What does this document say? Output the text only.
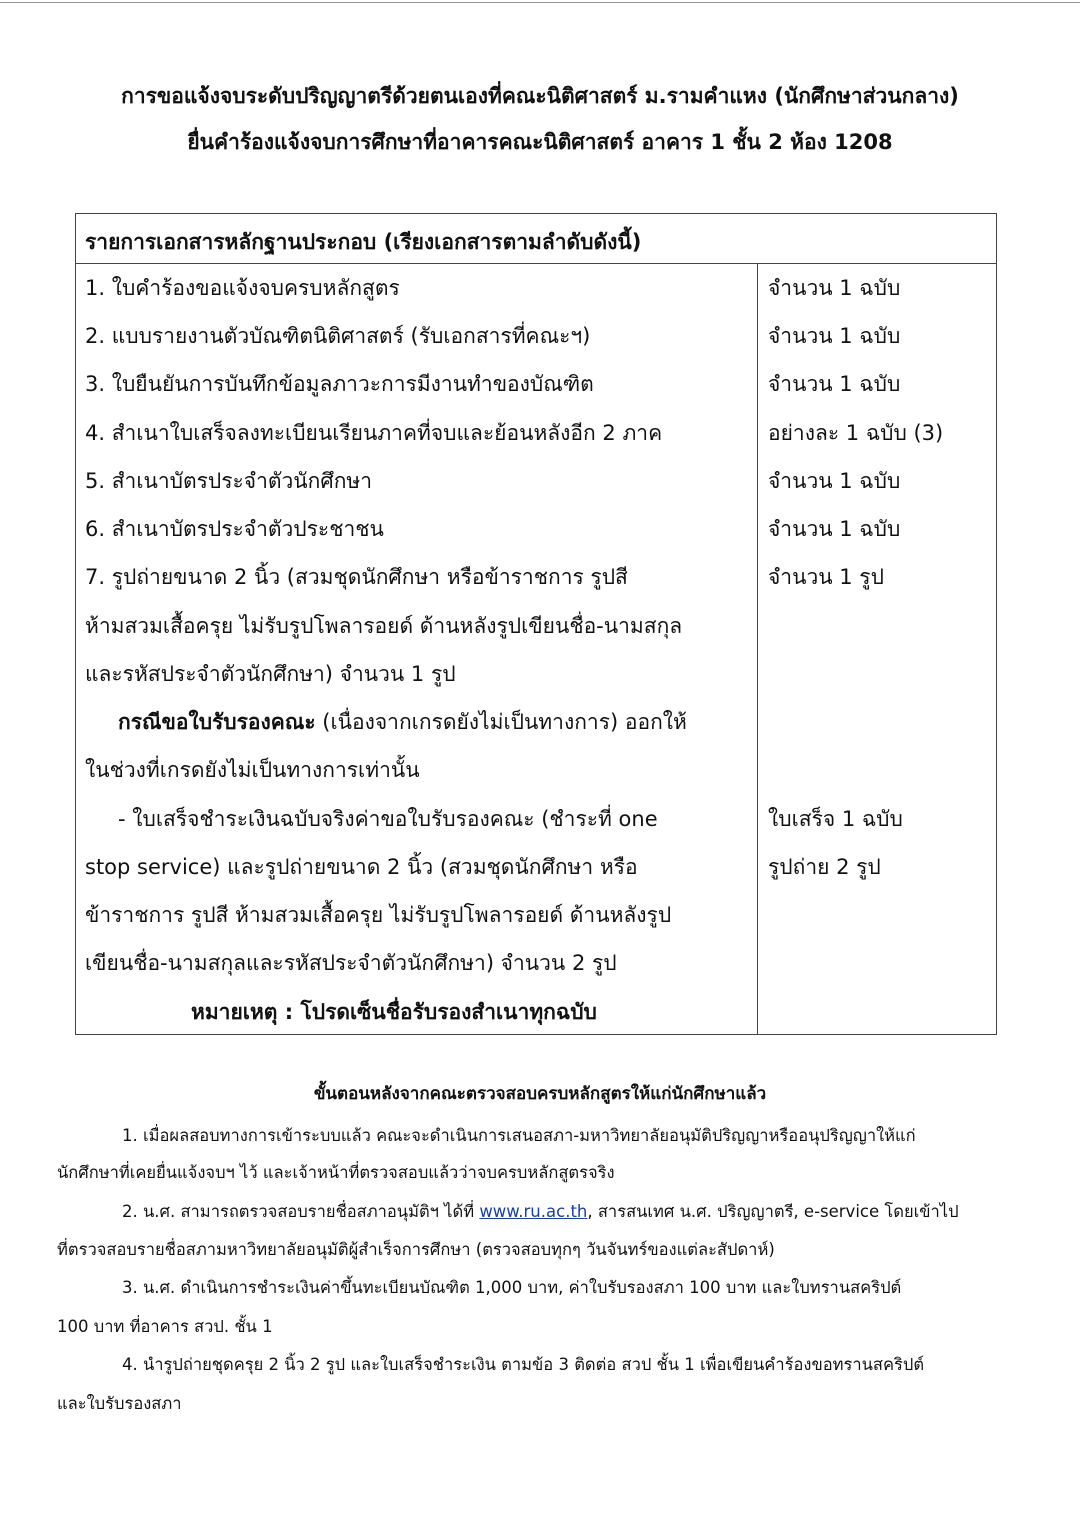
การขอแจ้งจบระดับปริญญาตรีด้วยตนเองที่คณะนิติศาสตร์ ม.รามคำแหง (นักศึกษาส่วนกลาง)
ยื่นคำร้องแจ้งจบการศึกษาที่อาคารคณะนิติศาสตร์ อาคาร 1 ชั้น 2 ห้อง 1208
รายการเอกสารหลักฐานประกอบ (เรียงเอกสารตามลำดับดังนี้)
1. ใบคำร้องขอแจ้งจบครบหลักสูตร	จำนวน 1 ฉบับ
2. แบบรายงานตัวบัณฑิตนิติศาสตร์ (รับเอกสารที่คณะฯ)	จำนวน 1 ฉบับ
3. ใบยืนยันการบันทึกข้อมูลภาวะการมีงานทำของบัณฑิต	จำนวน 1 ฉบับ
4. สำเนาใบเสร็จลงทะเบียนเรียนภาคที่จบและย้อนหลังอีก 2 ภาค	อย่างละ 1 ฉบับ (3)
5. สำเนาบัตรประจำตัวนักศึกษา	จำนวน 1 ฉบับ
6. สำเนาบัตรประจำตัวประชาชน	จำนวน 1 ฉบับ
7. รูปถ่ายขนาด 2 นิ้ว (สวมชุดนักศึกษา หรือข้าราชการ รูปสี	จำนวน 1 รูป
ห้ามสวมเสื้อครุย ไม่รับรูปโพลารอยด์ ด้านหลังรูปเขียนชื่อ-นามสกุล
และรหัสประจำตัวนักศึกษา) จำนวน 1 รูป
กรณีขอใบรับรองคณะ (เนื่องจากเกรดยังไม่เป็นทางการ) ออกให้
ในช่วงที่เกรดยังไม่เป็นทางการเท่านั้น
- ใบเสร็จชำระเงินฉบับจริงค่าขอใบรับรองคณะ (ชำระที่ one	ใบเสร็จ 1 ฉบับ
stop service) และรูปถ่ายขนาด 2 นิ้ว (สวมชุดนักศึกษา หรือ	รูปถ่าย 2 รูป
ข้าราชการ รูปสี ห้ามสวมเสื้อครุย ไม่รับรูปโพลารอยด์ ด้านหลังรูป
เขียนชื่อ-นามสกุลและรหัสประจำตัวนักศึกษา) จำนวน 2 รูป
หมายเหตุ : โปรดเซ็นชื่อรับรองสำเนาทุกฉบับ
ขั้นตอนหลังจากคณะตรวจสอบครบหลักสูตรให้แก่นักศึกษาแล้ว
1. เมื่อผลสอบทางการเข้าระบบแล้ว คณะจะดำเนินการเสนอสภา-มหาวิทยาลัยอนุมัติปริญญาหรืออนุปริญญาให้แก่
นักศึกษาที่เคยยื่นแจ้งจบฯ ไว้ และเจ้าหน้าที่ตรวจสอบแล้วว่าจบครบหลักสูตรจริง
2. น.ศ. สามารถตรวจสอบรายชื่อสภาอนุมัติฯ ได้ที่ www.ru.ac.th, สารสนเทศ น.ศ. ปริญญาตรี, e-service โดยเข้าไป
ที่ตรวจสอบรายชื่อสภามหาวิทยาลัยอนุมัติผู้สำเร็จการศึกษา (ตรวจสอบทุกๆ วันจันทร์ของแต่ละสัปดาห์)
3. น.ศ. ดำเนินการชำระเงินค่าขึ้นทะเบียนบัณฑิต 1,000 บาท, ค่าใบรับรองสภา 100 บาท และใบทรานสคริปต์
100 บาท ที่อาคาร สวป. ชั้น 1
4. นำรูปถ่ายชุดครุย 2 นิ้ว 2 รูป และใบเสร็จชำระเงิน ตามข้อ 3 ติดต่อ สวป ชั้น 1 เพื่อเขียนคำร้องขอทรานสคริปต์
และใบรับรองสภา
